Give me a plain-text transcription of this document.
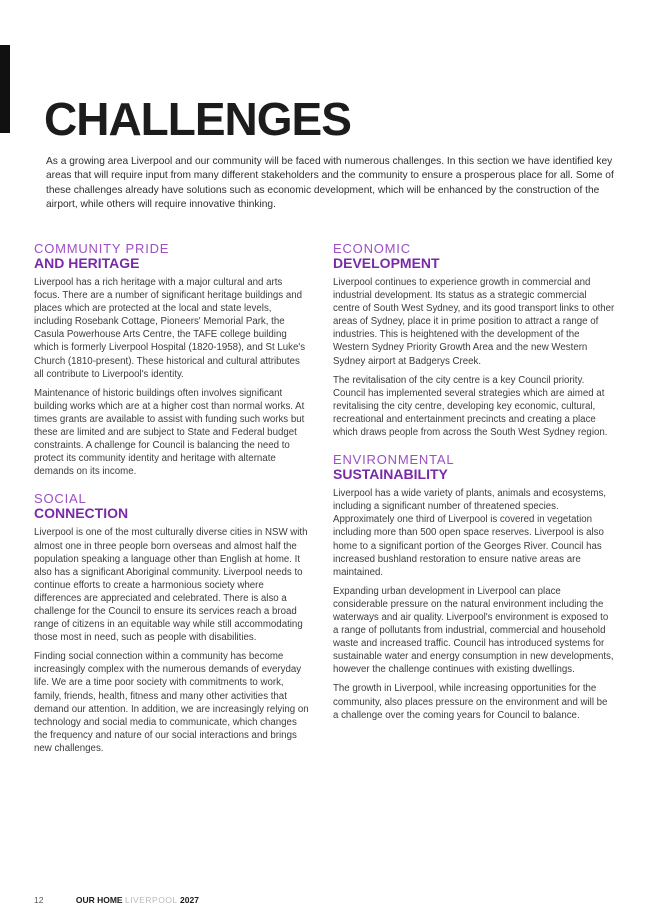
CHALLENGES

As a growing area Liverpool and our community will be faced with numerous challenges. In this section we have identified key areas that will require input from many different stakeholders and the community to ensure a prosperous place for all. Some of these challenges already have solutions such as economic development, which will be enhanced by the construction of the airport, while others will require innovative thinking.

COMMUNITY PRIDE
AND HERITAGE

Liverpool has a rich heritage with a major cultural and arts focus. There are a number of significant heritage buildings and places which are protected at the local and state levels, including Rosebank Cottage, Pioneers' Memorial Park, the Casula Powerhouse Arts Centre, the TAFE college building which is formerly Liverpool Hospital (1820-1958), and St Luke's Church (1810-present). These historical and cultural attributes all contribute to Liverpool's identity.

Maintenance of historic buildings often involves significant building works which are at a higher cost than normal works. At times grants are available to assist with funding such works but these are limited and are subject to State and Federal budget constraints. A challenge for Council is balancing the need to protect its community identity and heritage with alternate demands on its income.

SOCIAL
CONNECTION

Liverpool is one of the most culturally diverse cities in NSW with almost one in three people born overseas and almost half the population speaking a language other than English at home. It also has a significant Aboriginal community. Liverpool needs to continue efforts to create a harmonious society where differences are appreciated and celebrated. There is also a challenge for the Council to ensure its services reach a broad range of citizens in an equitable way while still accommodating those most in need, such as people with disabilities.

Finding social connection within a community has become increasingly complex with the numerous demands of everyday life. We are a time poor society with commitments to work, family, friends, health, fitness and many other activities that demand our attention. In addition, we are increasingly relying on technology and social media to communicate, which changes the frequency and nature of our social interactions and brings new challenges.

ECONOMIC
DEVELOPMENT

Liverpool continues to experience growth in commercial and industrial development. Its status as a strategic commercial centre of South West Sydney, and its good transport links to other areas of Sydney, place it in prime position to attract a range of industries. This is heightened with the development of the Western Sydney Priority Growth Area and the new Western Sydney airport at Badgerys Creek.

The revitalisation of the city centre is a key Council priority. Council has implemented several strategies which are aimed at revitalising the city centre, developing key economic, cultural, recreational and entertainment precincts and creating a place which draws people from across the South West Sydney region.

ENVIRONMENTAL
SUSTAINABILITY

Liverpool has a wide variety of plants, animals and ecosystems, including a significant number of threatened species. Approximately one third of Liverpool is covered in vegetation including more than 500 open space reserves. Liverpool is also home to a significant portion of the Georges River. Council has increased bushland restoration to ensure native areas are maintained.

Expanding urban development in Liverpool can place considerable pressure on the natural environment including the waterways and air quality. Liverpool's environment is exposed to a range of pollutants from industrial, commercial and household waste and increased traffic. Council has introduced systems for sustainable water and energy consumption in new developments, however the challenge continues with existing dwellings.

The growth in Liverpool, while increasing opportunities for the community, also places pressure on the environment and will be a challenge over the coming years for Council to balance.

12	OUR HOME LIVERPOOL 2027
